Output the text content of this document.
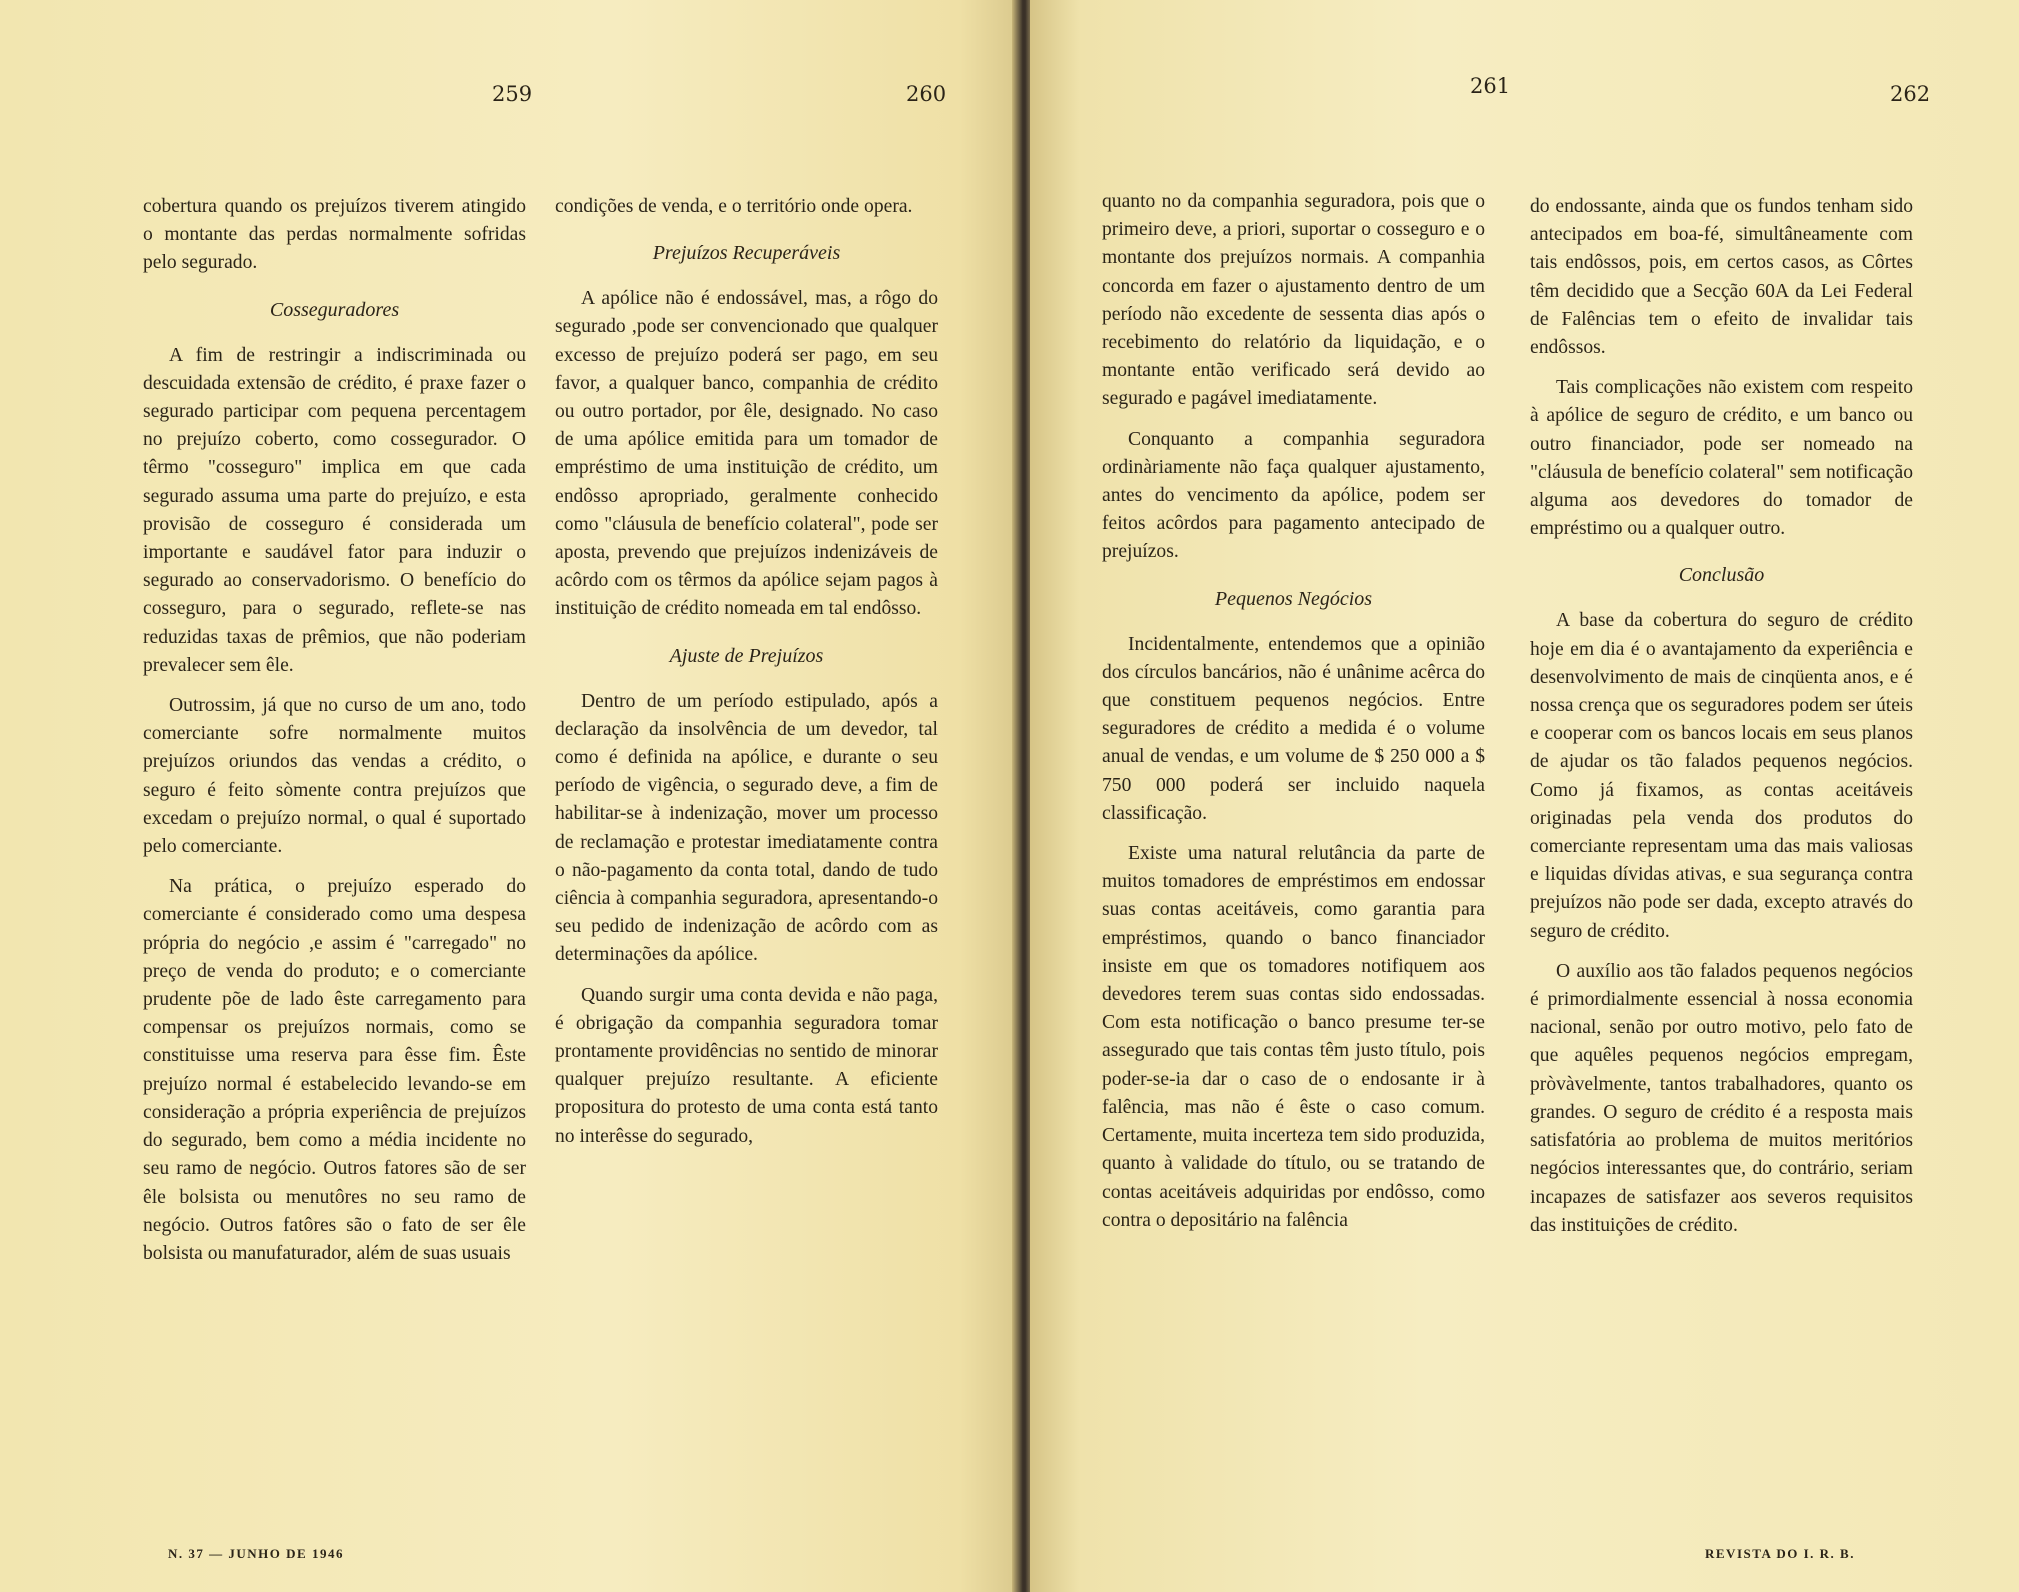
259	260

cobertura quando os prejuízos tiverem atingido o montante das perdas normalmente sofridas pelo segurado.

Cosseguradores

A fim de restringir a indiscriminada ou descuidada extensão de crédito, é praxe fazer o segurado participar com pequena percentagem no prejuízo coberto, como cossegurador. O têrmo "cosseguro" implica em que cada segurado assuma uma parte do prejuízo, e esta provisão de cosseguro é considerada um importante e saudável fator para induzir o segurado ao conservadorismo. O benefício do cosseguro, para o segurado, reflete-se nas reduzidas taxas de prêmios, que não poderiam prevalecer sem êle.

Outrossim, já que no curso de um ano, todo comerciante sofre normalmente muitos prejuízos oriundos das vendas a crédito, o seguro é feito sòmente contra prejuízos que excedam o prejuízo normal, o qual é suportado pelo comerciante.

Na prática, o prejuízo esperado do comerciante é considerado como uma despesa própria do negócio ,e assim é "carregado" no preço de venda do produto; e o comerciante prudente põe de lado êste carregamento para compensar os prejuízos normais, como se constituisse uma reserva para êsse fim. Êste prejuízo normal é estabelecido levando-se em consideração a própria experiência de prejuízos do segurado, bem como a média incidente no seu ramo de negócio. Outros fatores são de ser êle bolsista ou menutôres no seu ramo de negócio. Outros fatôres são o fato de ser êle bolsista ou manufaturador, além de suas usuais

condições de venda, e o território onde opera.

Prejuízos Recuperáveis

A apólice não é endossável, mas, a rôgo do segurado ,pode ser convencionado que qualquer excesso de prejuízo poderá ser pago, em seu favor, a qualquer banco, companhia de crédito ou outro portador, por êle, designado. No caso de uma apólice emitida para um tomador de empréstimo de uma instituição de crédito, um endôsso apropriado, geralmente conhecido como "cláusula de benefício colateral", pode ser aposta, prevendo que prejuízos indenizáveis de acôrdo com os têrmos da apólice sejam pagos à instituição de crédito nomeada em tal endôsso.

Ajuste de Prejuízos

Dentro de um período estipulado, após a declaração da insolvência de um devedor, tal como é definida na apólice, e durante o seu período de vigência, o segurado deve, a fim de habilitar-se à indenização, mover um processo de reclamação e protestar imediatamente contra o não-pagamento da conta total, dando de tudo ciência à companhia seguradora, apresentando-o seu pedido de indenização de acôrdo com as determinações da apólice.

Quando surgir uma conta devida e não paga, é obrigação da companhia seguradora tomar prontamente providências no sentido de minorar qualquer prejuízo resultante. A eficiente propositura do protesto de uma conta está tanto no interêsse do segurado,

N. 37 — JUNHO DE 1946
261	262

quanto no da companhia seguradora, pois que o primeiro deve, a priori, suportar o cosseguro e o montante dos prejuízos normais. A companhia concorda em fazer o ajustamento dentro de um período não excedente de sessenta dias após o recebimento do relatório da liquidação, e o montante então verificado será devido ao segurado e pagável imediatamente.

Conquanto a companhia seguradora ordinàriamente não faça qualquer ajustamento, antes do vencimento da apólice, podem ser feitos acôrdos para pagamento antecipado de prejuízos.

Pequenos Negócios

Incidentalmente, entendemos que a opinião dos círculos bancários, não é unânime acêrca do que constituem pequenos negócios. Entre seguradores de crédito a medida é o volume anual de vendas, e um volume de $ 250 000 a $ 750 000 poderá ser incluido naquela classificação.

Existe uma natural relutância da parte de muitos tomadores de empréstimos em endossar suas contas aceitáveis, como garantia para empréstimos, quando o banco financiador insiste em que os tomadores notifiquem aos devedores terem suas contas sido endossadas. Com esta notificação o banco presume ter-se assegurado que tais contas têm justo título, pois poder-se-ia dar o caso de o endosante ir à falência, mas não é êste o caso comum. Certamente, muita incerteza tem sido produzida, quanto à validade do título, ou se tratando de contas aceitáveis adquiridas por endôsso, como contra o depositário na falência

do endossante, ainda que os fundos tenham sido antecipados em boa-fé, simultâneamente com tais endôssos, pois, em certos casos, as Côrtes têm decidido que a Secção 60A da Lei Federal de Falências tem o efeito de invalidar tais endôssos.

Tais complicações não existem com respeito à apólice de seguro de crédito, e um banco ou outro financiador, pode ser nomeado na "cláusula de benefício colateral" sem notificação alguma aos devedores do tomador de empréstimo ou a qualquer outro.

Conclusão

A base da cobertura do seguro de crédito hoje em dia é o avantajamento da experiência e desenvolvimento de mais de cinqüenta anos, e é nossa crença que os seguradores podem ser úteis e cooperar com os bancos locais em seus planos de ajudar os tão falados pequenos negócios. Como já fixamos, as contas aceitáveis originadas pela venda dos produtos do comerciante representam uma das mais valiosas e liquidas dívidas ativas, e sua segurança contra prejuízos não pode ser dada, excepto através do seguro de crédito.

O auxílio aos tão falados pequenos negócios é primordialmente essencial à nossa economia nacional, senão por outro motivo, pelo fato de que aquêles pequenos negócios empregam, pròvàvelmente, tantos trabalhadores, quanto os grandes. O seguro de crédito é a resposta mais satisfatória ao problema de muitos meritórios negócios interessantes que, do contrário, seriam incapazes de satisfazer aos severos requisitos das instituições de crédito.

REVISTA DO I. R. B.
